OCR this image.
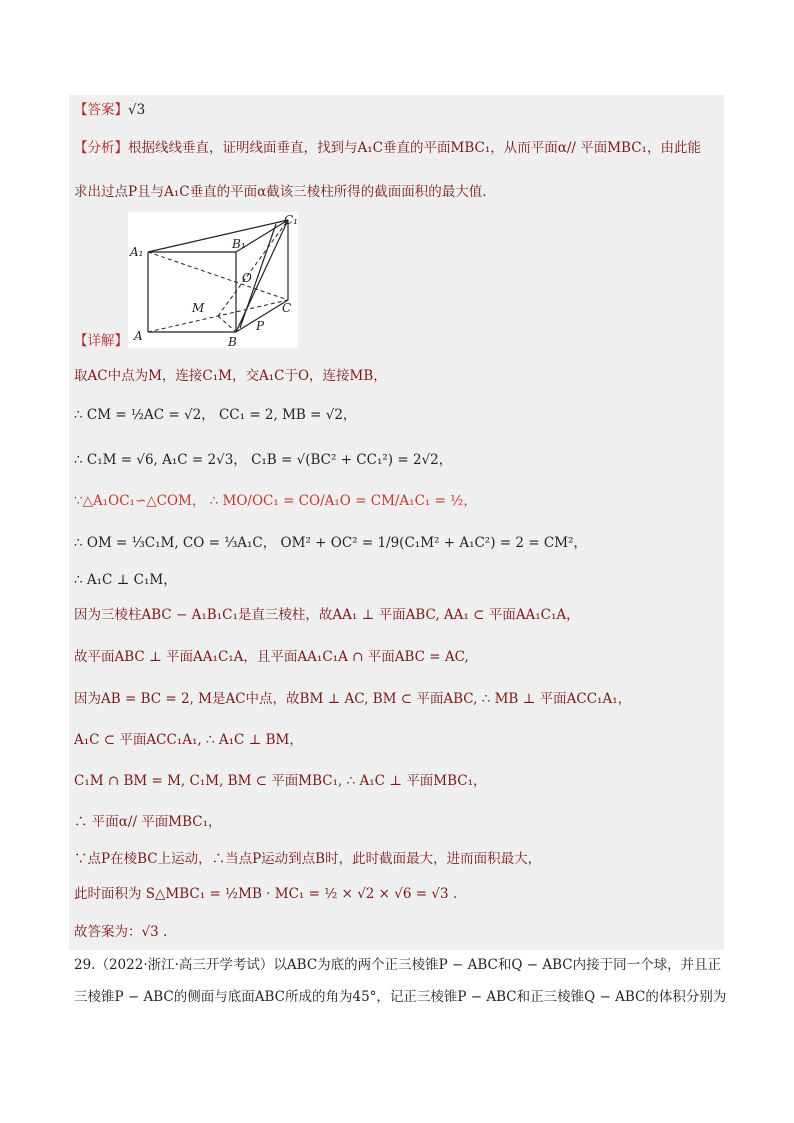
【答案】√3
【分析】根据线线垂直，证明线面垂直，找到与A₁C垂直的平面MBC₁，从而平面α// 平面MBC₁，由此能
求出过点P且与A₁C垂直的平面α截该三棱柱所得的截面面积的最大值.
A₁
B₁
C₁
A	B
C
O
M
P
【详解】
取AC中点为M，连接C₁M，交A₁C于O，连接MB，
∴ CM = ½AC = √2， CC₁ = 2, MB = √2，
∴ C₁M = √6, A₁C = 2√3， C₁B = √(BC² + CC₁²) = 2√2，
∵△A₁OC₁∽△COM， ∴ MO/OC₁ = CO/A₁O = CM/A₁C₁ = ½，
∴ OM = ⅓C₁M, CO = ⅓A₁C， OM² + OC² = 1/9(C₁M² + A₁C²) = 2 = CM²，
∴ A₁C ⊥ C₁M，
因为三棱柱ABC − A₁B₁C₁是直三棱柱，故AA₁ ⊥ 平面ABC, AA₁ ⊂ 平面AA₁C₁A，
故平面ABC ⊥ 平面AA₁C₁A，且平面AA₁C₁A ∩ 平面ABC = AC,
因为AB = BC = 2, M是AC中点，故BM ⊥ AC, BM ⊂ 平面ABC, ∴ MB ⊥ 平面ACC₁A₁，
A₁C ⊂ 平面ACC₁A₁, ∴ A₁C ⊥ BM，
C₁M ∩ BM = M, C₁M, BM ⊂ 平面MBC₁, ∴ A₁C ⊥ 平面MBC₁，
∴ 平面α// 平面MBC₁，
∵点P在棱BC上运动，∴当点P运动到点B时，此时截面最大，进而面积最大，
此时面积为 S△MBC₁ = ½MB · MC₁ = ½ × √2 × √6 = √3 .
故答案为：√3 .
29.（2022·浙江·高三开学考试）以ABC为底的两个正三棱锥P − ABC和Q − ABC内接于同一个球，并且正
三棱锥P − ABC的侧面与底面ABC所成的角为45°，记正三棱锥P − ABC和正三棱锥Q − ABC的体积分别为
